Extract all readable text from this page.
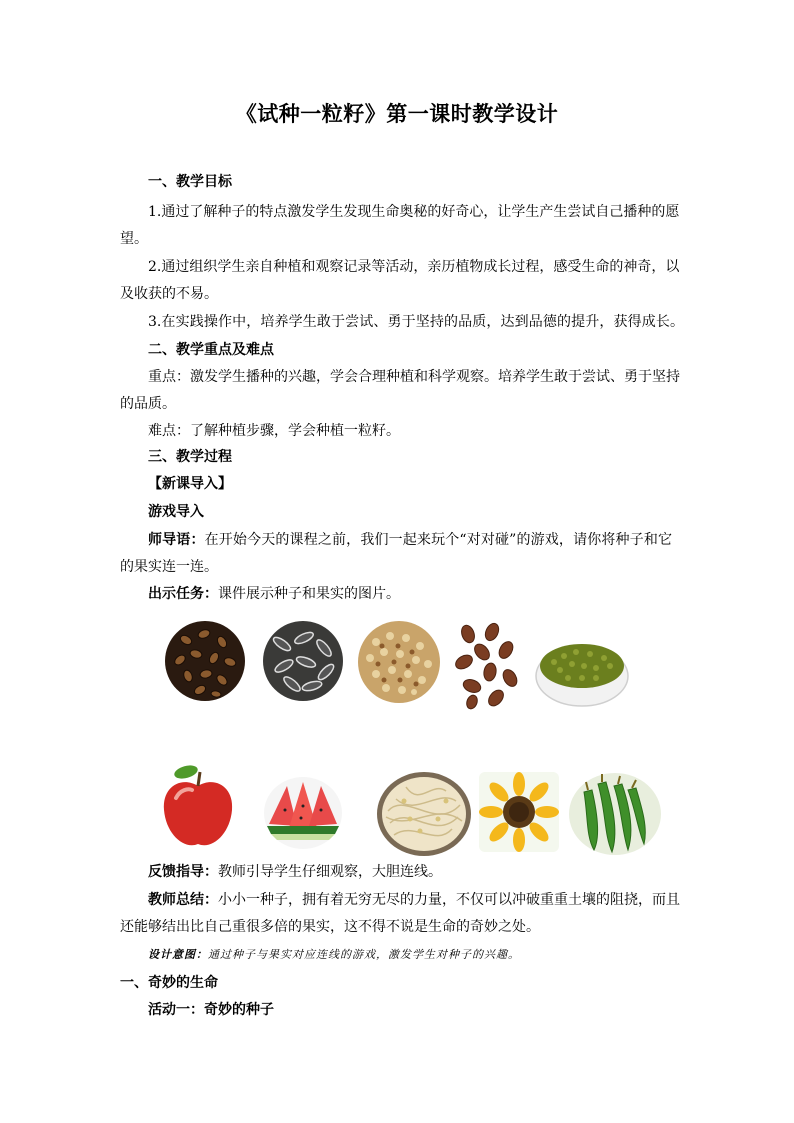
《试种一粒籽》第一课时教学设计
一、教学目标
1.通过了解种子的特点激发学生发现生命奥秘的好奇心，让学生产生尝试自己播种的愿
望。
2.通过组织学生亲自种植和观察记录等活动，亲历植物成长过程，感受生命的神奇，以
及收获的不易。
3.在实践操作中，培养学生敢于尝试、勇于坚持的品质，达到品德的提升，获得成长。
二、教学重点及难点
重点：激发学生播种的兴趣，学会合理种植和科学观察。培养学生敢于尝试、勇于坚持
的品质。
难点：了解种植步骤，学会种植一粒籽。
三、教学过程
【新课导入】
游戏导入
师导语：在开始今天的课程之前，我们一起来玩个“对对碰”的游戏，请你将种子和它
的果实连一连。
出示任务：课件展示种子和果实的图片。
反馈指导：教师引导学生仔细观察，大胆连线。
教师总结：小小一种子，拥有着无穷无尽的力量，不仅可以冲破重重土壤的阻挠，而且
还能够结出比自己重很多倍的果实，这不得不说是生命的奇妙之处。
设计意图：通过种子与果实对应连线的游戏，激发学生对种子的兴趣。
一、奇妙的生命
活动一：奇妙的种子
